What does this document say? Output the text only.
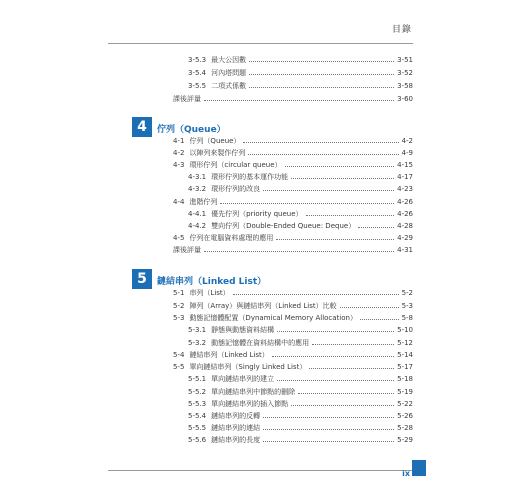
目錄
3-5.3 最大公因數	3-51
3-5.4 河內塔問題	3-52
3-5.5 二項式係數	3-58
課後評量	3-60
4	佇列（Queue）
4-1 佇列（Queue）	4-2
4-2 以陣列來製作佇列	4-9
4-3 環形佇列（circular queue）	4-15
4-3.1 環形佇列的基本運作功能	4-17
4-3.2 環形佇列的改良	4-23
4-4 進階佇列	4-26
4-4.1 優先佇列（priority queue）	4-26
4-4.2 雙向佇列（Double-Ended Queue: Deque）	4-28
4-5 佇列在電腦資料處理的應用	4-29
課後評量	4-31
5	鏈結串列（Linked List）
5-1 串列（List）	5-2
5-2 陣列（Array）與鏈結串列（Linked List）比較	5-3
5-3 動態記憶體配置（Dynamical Memory Allocation）	5-8
5-3.1 靜態與動態資料結構	5-10
5-3.2 動態記憶體在資料結構中的應用	5-12
5-4 鏈結串列（Linked List）	5-14
5-5 單向鏈結串列（Singly Linked List）	5-17
5-5.1 單向鏈結串列的建立	5-18
5-5.2 單向鏈結串列中節點的刪除	5-19
5-5.3 單向鏈結串列的插入節點	5-22
5-5.4 鏈結串列的反轉	5-26
5-5.5 鏈結串列的連結	5-28
5-5.6 鏈結串列的長度	5-29
ix
